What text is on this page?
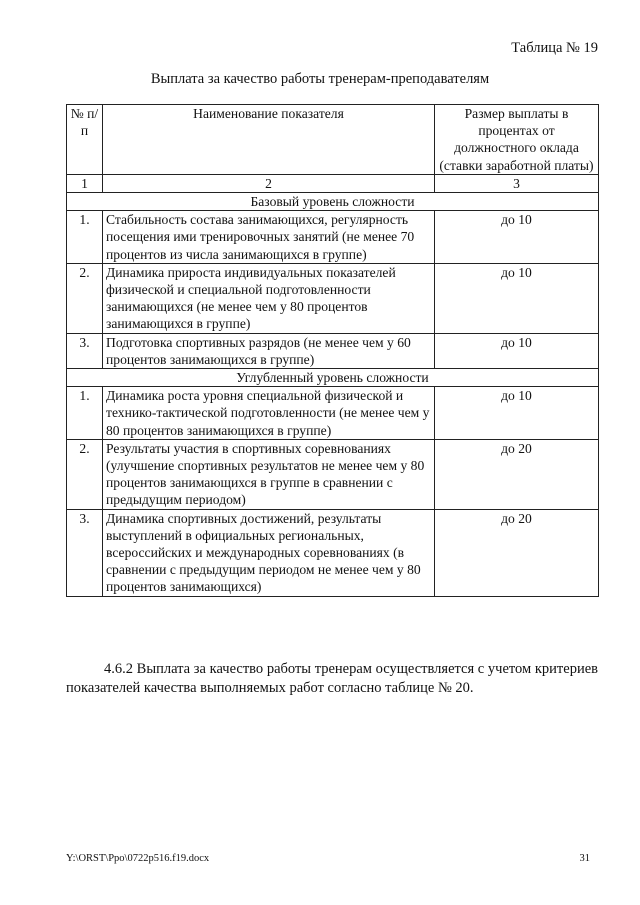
Таблица № 19
Выплата за качество работы тренерам-преподавателям
№ п/п	Наименование показателя	Размер выплаты в процентах от должностного оклада (ставки заработной платы)
1	2	3
Базовый уровень сложности		
1.	Стабильность состава занимающихся, регулярность посещения ими тренировочных занятий (не менее 70 процентов из числа занимающихся в группе)	до 10
2.	Динамика прироста индивидуальных показателей физической и специальной подготовленности занимающихся (не менее чем у 80 процентов занимающихся в группе)	до 10
3.	Подготовка спортивных разрядов (не менее чем у 60 процентов занимающихся в группе)	до 10
Углубленный уровень сложности		
1.	Динамика роста уровня специальной физической и технико-тактической подготовленности (не менее чем у 80 процентов занимающихся в группе)	до 10
2.	Результаты участия в спортивных соревнованиях (улучшение спортивных результатов не менее чем у 80 процентов занимающихся в группе в сравнении с предыдущим периодом)	до 20
3.	Динамика спортивных достижений, результаты выступлений в официальных региональных, всероссийских и международных соревнованиях (в сравнении с предыдущим периодом не менее чем у 80 процентов занимающихся)	до 20
4.6.2 Выплата за качество работы тренерам осуществляется с учетом критериев показателей качества выполняемых работ согласно таблице № 20.
Y:\ORST\Ppo\0722p516.f19.docx	31
